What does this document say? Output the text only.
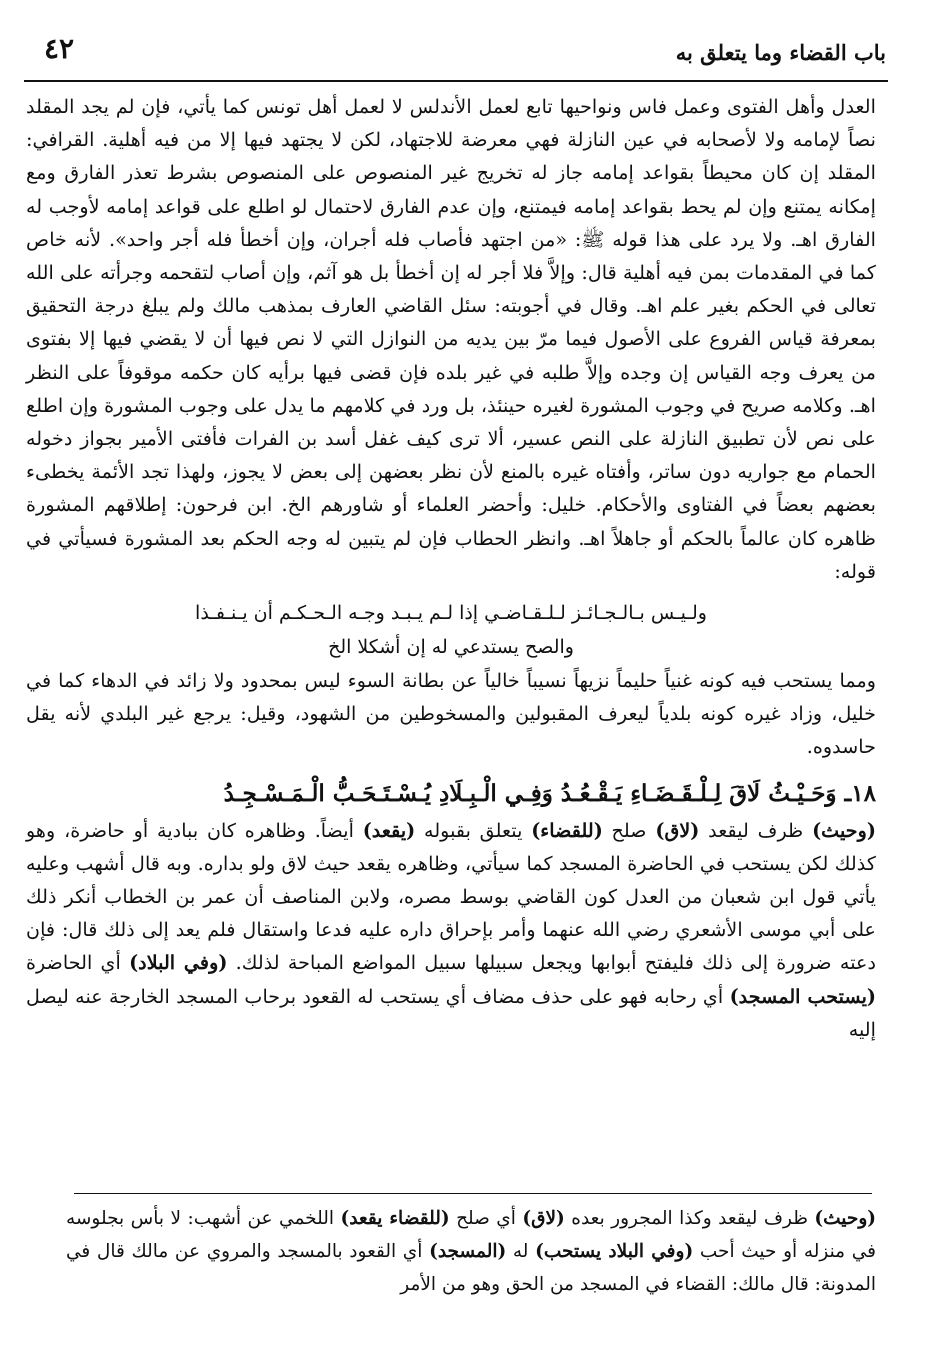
باب القضاء وما يتعلق به
٤٢

العدل وأهل الفتوى وعمل فاس ونواحيها تابع لعمل الأندلس لا لعمل أهل تونس كما يأتي، فإن لم يجد المقلد نصاً لإمامه ولا لأصحابه في عين النازلة فهي معرضة للاجتهاد، لكن لا يجتهد فيها إلا من فيه أهلية. القرافي: المقلد إن كان محيطاً بقواعد إمامه جاز له تخريج غير المنصوص على المنصوص بشرط تعذر الفارق ومع إمكانه يمتنع وإن لم يحط بقواعد إمامه فيمتنع، وإن عدم الفارق لاحتمال لو اطلع على قواعد إمامه لأوجب له الفارق اهـ. ولا يرد على هذا قوله ﷺ: «من اجتهد فأصاب فله أجران، وإن أخطأ فله أجر واحد». لأنه خاص كما في المقدمات بمن فيه أهلية قال: وإلاَّ فلا أجر له إن أخطأ بل هو آثم، وإن أصاب لتقحمه وجرأته على الله تعالى في الحكم بغير علم اهـ. وقال في أجوبته: سئل القاضي العارف بمذهب مالك ولم يبلغ درجة التحقيق بمعرفة قياس الفروع على الأصول فيما مرّ بين يديه من النوازل التي لا نص فيها أن لا يقضي فيها إلا بفتوى من يعرف وجه القياس إن وجده وإلاَّ طلبه في غير بلده فإن قضى فيها برأيه كان حكمه موقوفاً على النظر اهـ. وكلامه صريح في وجوب المشورة لغيره حينئذ، بل ورد في كلامهم ما يدل على وجوب المشورة وإن اطلع على نص لأن تطبيق النازلة على النص عسير، ألا ترى كيف غفل أسد بن الفرات فأفتى الأمير بجواز دخوله الحمام مع جواريه دون ساتر، وأفتاه غيره بالمنع لأن نظر بعضهن إلى بعض لا يجوز، ولهذا تجد الأئمة يخطىء بعضهم بعضاً في الفتاوى والأحكام. خليل: وأحضر العلماء أو شاورهم الخ. ابن فرحون: إطلاقهم المشورة ظاهره كان عالماً بالحكم أو جاهلاً اهـ. وانظر الحطاب فإن لم يتبين له وجه الحكم بعد المشورة فسيأتي في قوله:

ولـيـس بـالـجـائـز لـلـقـاضـي إذا لـم يـبـد وجـه الـحـكـم أن يـنـفـذا
والصح يستدعي له إن أشكلا الخ

ومما يستحب فيه كونه غنياً حليماً نزيهاً نسيباً خالياً عن بطانة السوء ليس بمحدود ولا زائد في الدهاء كما في خليل، وزاد غيره كونه بلدياً ليعرف المقبولين والمسخوطين من الشهود، وقيل: يرجع غير البلدي لأنه يقل حاسدوه.

١٨ـ وَحَـيْـثُ لَاقَ لِـلْـقَـضَـاءِ يَـقْـعُـدُ وَفِـي الْـبِـلَادِ يُـسْـتَـحَـبُّ الْـمَـسْـجِـدُ

(وحيث) ظرف ليقعد (لاق) صلح (للقضاء) يتعلق بقبوله (يقعد) أيضاً. وظاهره كان ببادية أو حاضرة، وهو كذلك لكن يستحب في الحاضرة المسجد كما سيأتي، وظاهره يقعد حيث لاق ولو بداره. وبه قال أشهب وعليه يأتي قول ابن شعبان من العدل كون القاضي بوسط مصره، ولابن المناصف أن عمر بن الخطاب أنكر ذلك على أبي موسى الأشعري رضي الله عنهما وأمر بإحراق داره عليه فدعا واستقال فلم يعد إلى ذلك قال: فإن دعته ضرورة إلى ذلك فليفتح أبوابها ويجعل سبيلها سبيل المواضع المباحة لذلك. (وفي البلاد) أي الحاضرة (يستحب المسجد) أي رحابه فهو على حذف مضاف أي يستحب له القعود برحاب المسجد الخارجة عنه ليصل إليه

(وحيث) ظرف ليقعد وكذا المجرور بعده (لاق) أي صلح (للقضاء يقعد) اللخمي عن أشهب: لا بأس بجلوسه في منزله أو حيث أحب (وفي البلاد يستحب) له (المسجد) أي القعود بالمسجد والمروي عن مالك قال في المدونة: قال مالك: القضاء في المسجد من الحق وهو من الأمر
